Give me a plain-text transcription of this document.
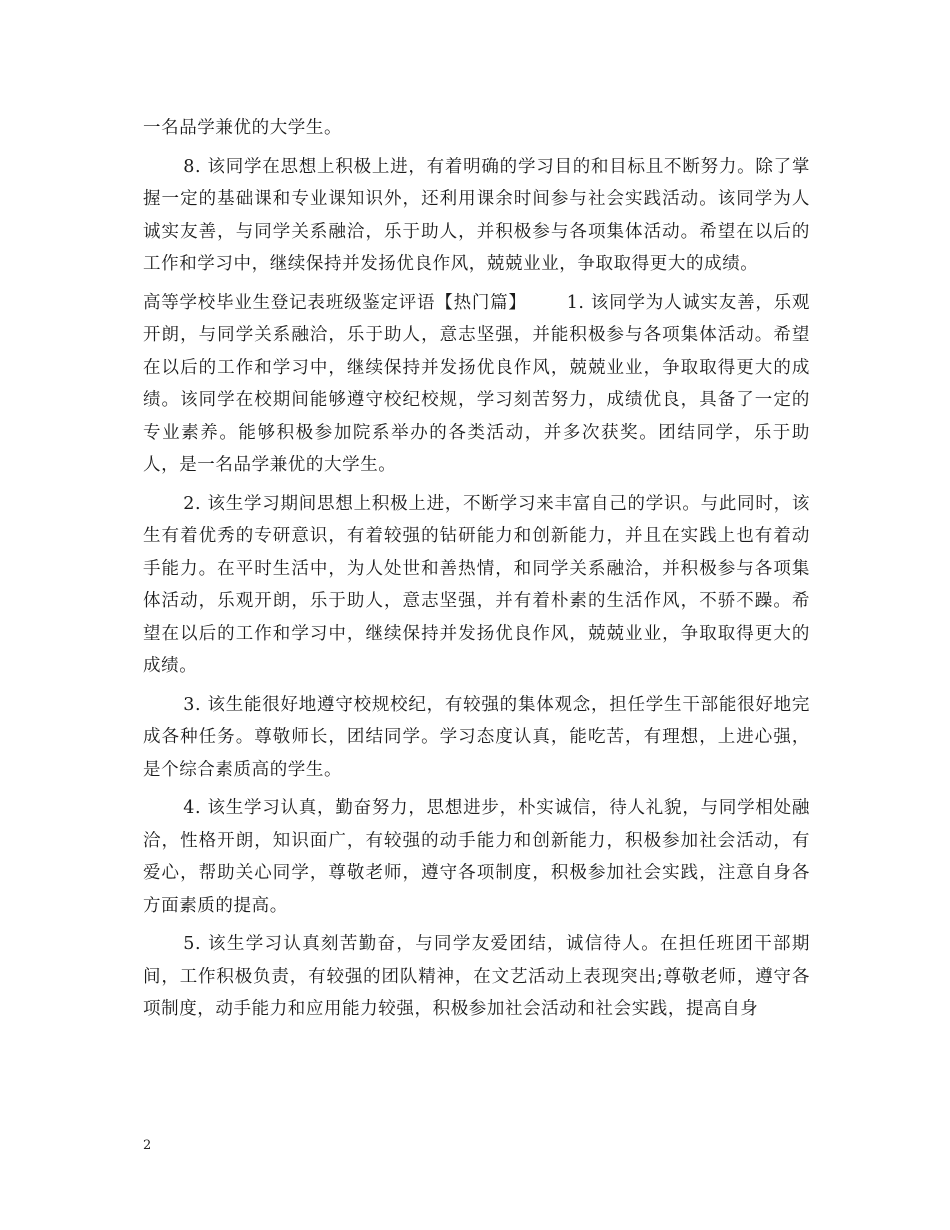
一名品学兼优的大学生。

8. 该同学在思想上积极上进，有着明确的学习目的和目标且不断努力。除了掌握一定的基础课和专业课知识外，还利用课余时间参与社会实践活动。该同学为人诚实友善，与同学关系融洽，乐于助人，并积极参与各项集体活动。希望在以后的工作和学习中，继续保持并发扬优良作风，兢兢业业，争取取得更大的成绩。

高等学校毕业生登记表班级鉴定评语【热门篇】 1. 该同学为人诚实友善，乐观开朗，与同学关系融洽，乐于助人，意志坚强，并能积极参与各项集体活动。希望在以后的工作和学习中，继续保持并发扬优良作风，兢兢业业，争取取得更大的成绩。该同学在校期间能够遵守校纪校规，学习刻苦努力，成绩优良，具备了一定的专业素养。能够积极参加院系举办的各类活动，并多次获奖。团结同学，乐于助人，是一名品学兼优的大学生。

2. 该生学习期间思想上积极上进，不断学习来丰富自己的学识。与此同时，该生有着优秀的专研意识，有着较强的钻研能力和创新能力，并且在实践上也有着动手能力。在平时生活中，为人处世和善热情，和同学关系融洽，并积极参与各项集体活动，乐观开朗，乐于助人，意志坚强，并有着朴素的生活作风，不骄不躁。希望在以后的工作和学习中，继续保持并发扬优良作风，兢兢业业，争取取得更大的成绩。

3. 该生能很好地遵守校规校纪，有较强的集体观念，担任学生干部能很好地完成各种任务。尊敬师长，团结同学。学习态度认真，能吃苦，有理想，上进心强，是个综合素质高的学生。

4. 该生学习认真，勤奋努力，思想进步，朴实诚信，待人礼貌，与同学相处融洽，性格开朗，知识面广，有较强的动手能力和创新能力，积极参加社会活动，有爱心，帮助关心同学，尊敬老师，遵守各项制度，积极参加社会实践，注意自身各方面素质的提高。

5. 该生学习认真刻苦勤奋，与同学友爱团结，诚信待人。在担任班团干部期间，工作积极负责，有较强的团队精神，在文艺活动上表现突出;尊敬老师，遵守各项制度，动手能力和应用能力较强，积极参加社会活动和社会实践，提高自身

2
